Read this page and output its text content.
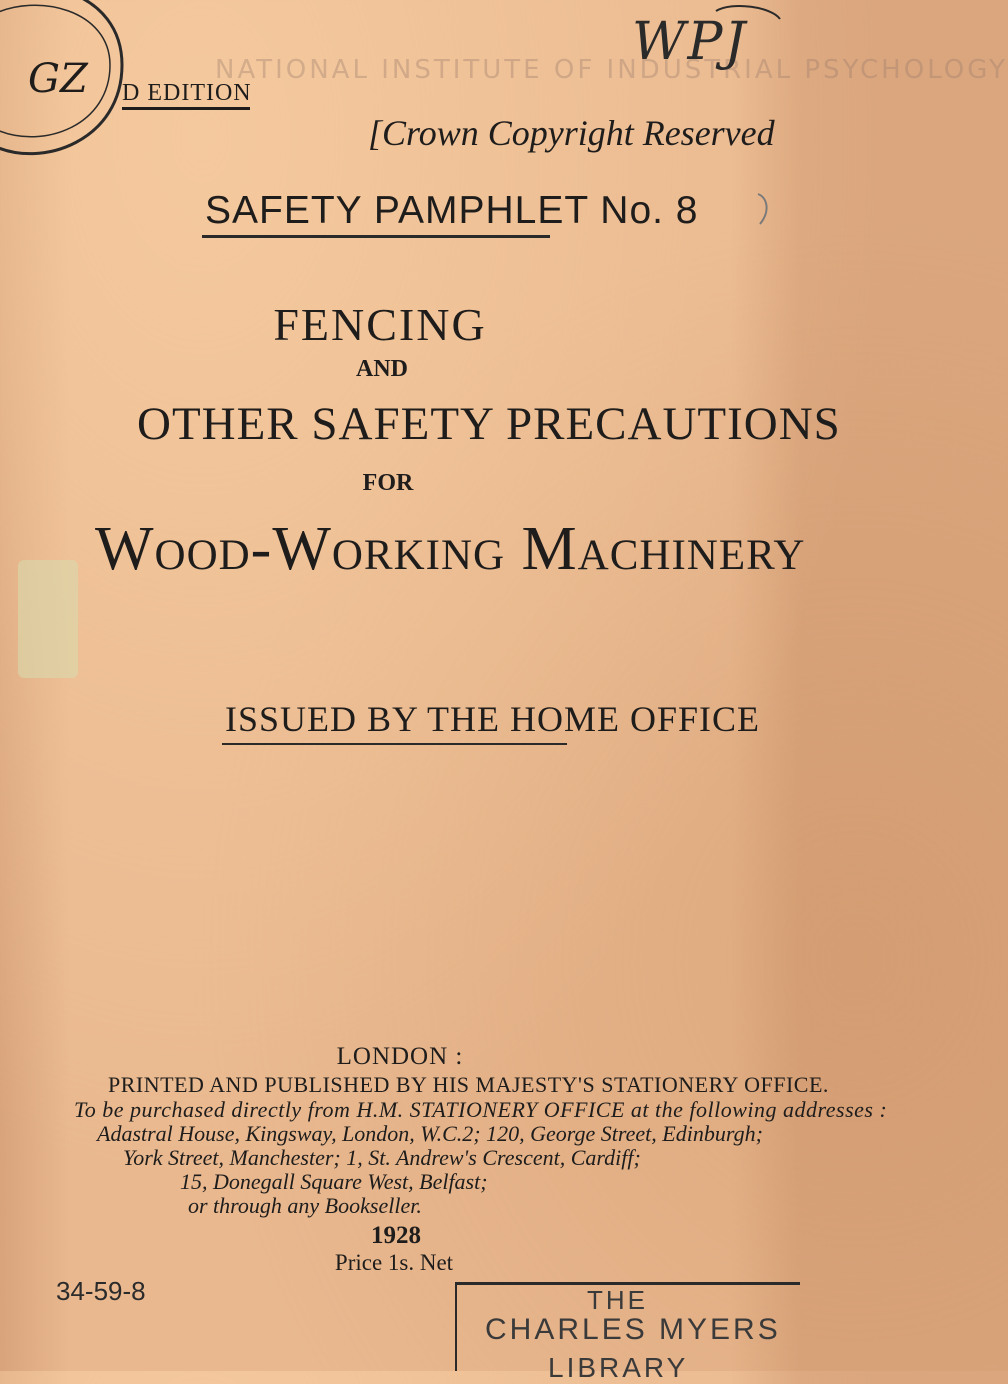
GZ D EDITION
NATIONAL INSTITUTE OF INDUSTRIAL PSYCHOLOGY
WPJ
[Crown Copyright Reserved
SAFETY PAMPHLET No. 8
FENCING
AND
OTHER SAFETY PRECAUTIONS
FOR
Wood-Working Machinery
ISSUED BY THE HOME OFFICE
LONDON :
PRINTED AND PUBLISHED BY HIS MAJESTY'S STATIONERY OFFICE.
To be purchased directly from H.M. STATIONERY OFFICE at the following addresses :
Adastral House, Kingsway, London, W.C.2; 120, George Street, Edinburgh;
York Street, Manchester; 1, St. Andrew's Crescent, Cardiff;
15, Donegall Square West, Belfast;
or through any Bookseller.
1928
Price 1s. Net
34-59-8	THE
CHARLES MYERS
LIBRARY
